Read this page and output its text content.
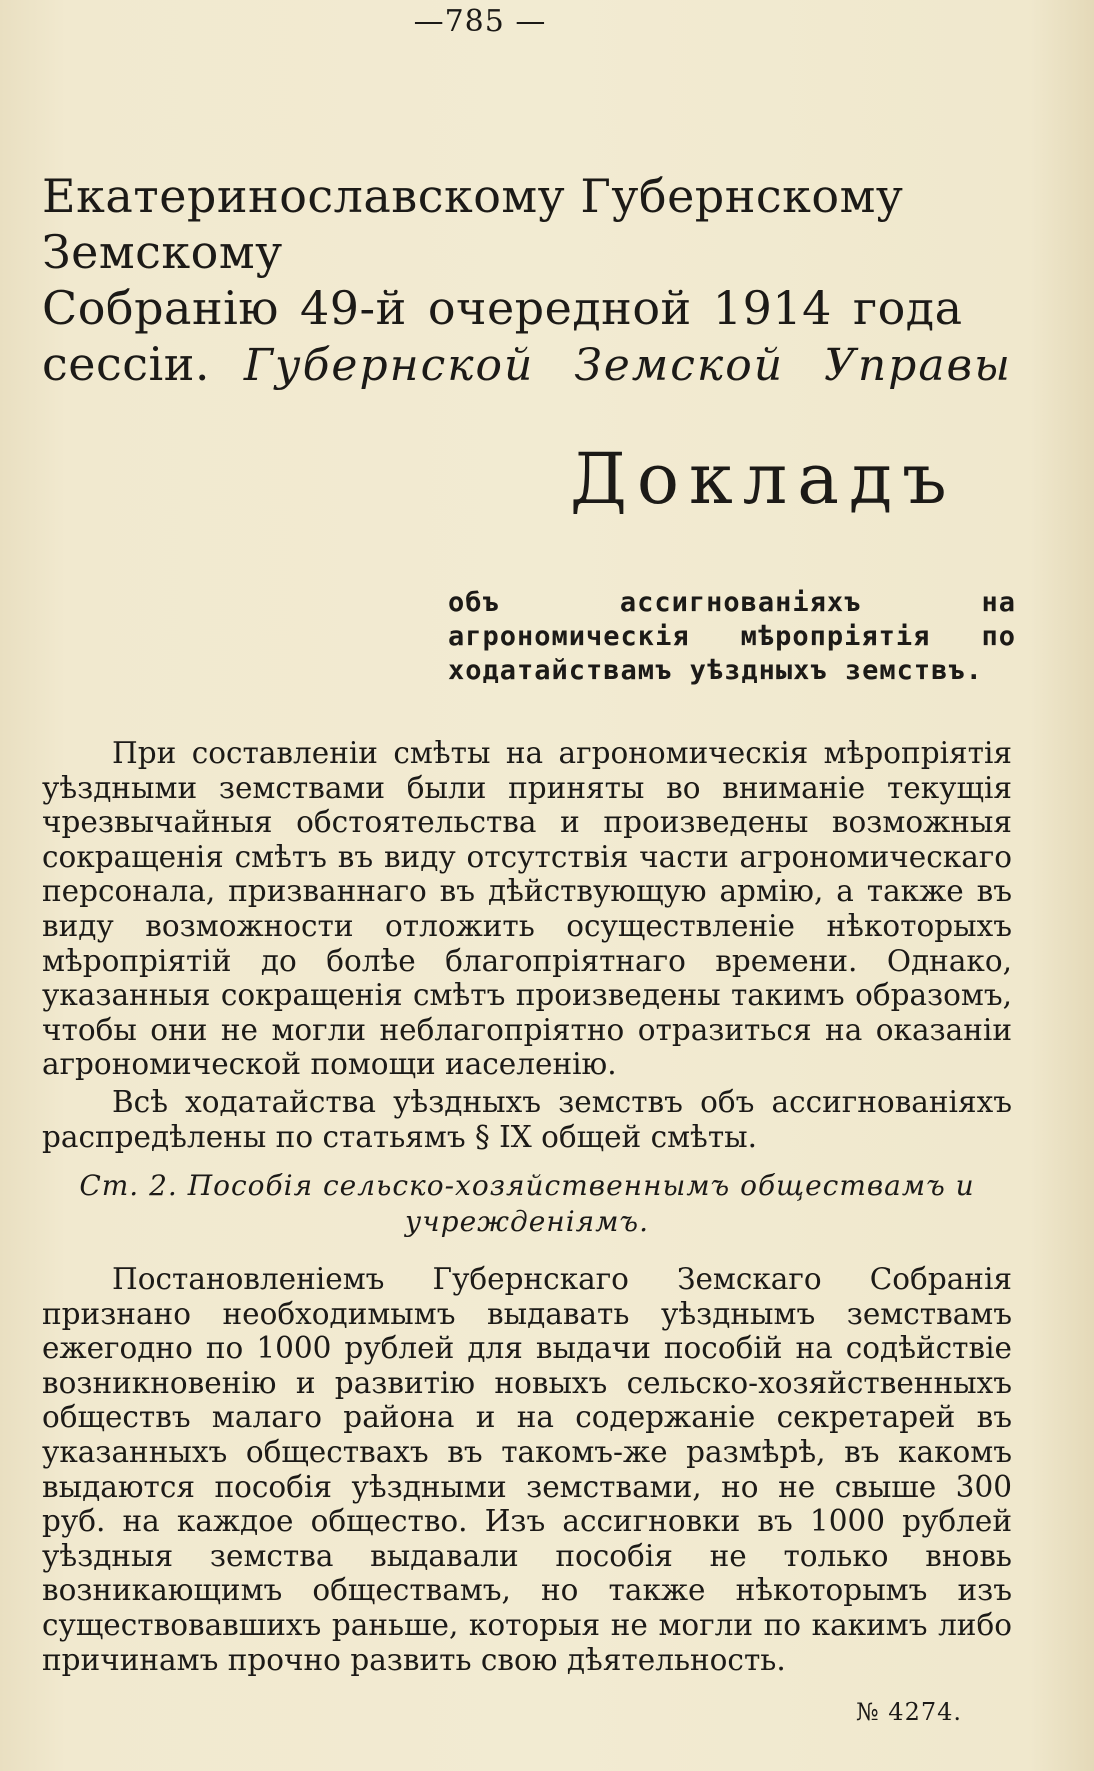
—785 —
Екатеринославскому Губернскому Земскому
Собранію 49-й очередной 1914 года сессіи. Губернской Земской Управы
Докладъ
объ ассигнованіяхъ на агрономическія мѣропріятія по ходатайствамъ уѣздныхъ земствъ.

При составленіи смѣты на агрономическія мѣропріятія уѣздными земствами были приняты во вниманіе текущія чрезвычайныя обстоятельства и произведены возможныя сокращенія смѣтъ въ виду отсутствія части агрономическаго персонала, призваннаго въ дѣйствующую армію, а также въ виду возможности отложить осуществленіе нѣкоторыхъ мѣропріятій до болѣе благопріятнаго времени. Однако, указанныя сокращенія смѣтъ произведены такимъ образомъ, чтобы они не могли неблагопріятно отразиться на оказаніи агрономической помощи иаселенію.

Всѣ ходатайства уѣздныхъ земствъ объ ассигнованіяхъ распредѣлены по статьямъ § IX общей смѣты.

Ст. 2. Пособія сельско-хозяйственнымъ обществамъ и учрежденіямъ.

Постановленіемъ Губернскаго Земскаго Собранія признано необходимымъ выдавать уѣзднымъ земствамъ ежегодно по 1000 рублей для выдачи пособій на содѣйствіе возникновенію и развитію новыхъ сельско-хозяйственныхъ обществъ малаго района и на содержаніе секретарей въ указанныхъ обществахъ въ такомъ-же размѣрѣ, въ какомъ выдаются пособія уѣздными земствами, но не свыше 300 руб. на каждое общество. Изъ ассигновки въ 1000 рублей уѣздныя земства выдавали пособія не только вновь возникающимъ обществамъ, но также нѣкоторымъ изъ существовавшихъ раньше, которыя не могли по какимъ либо причинамъ прочно развить свою дѣятельность.

№ 4274.
